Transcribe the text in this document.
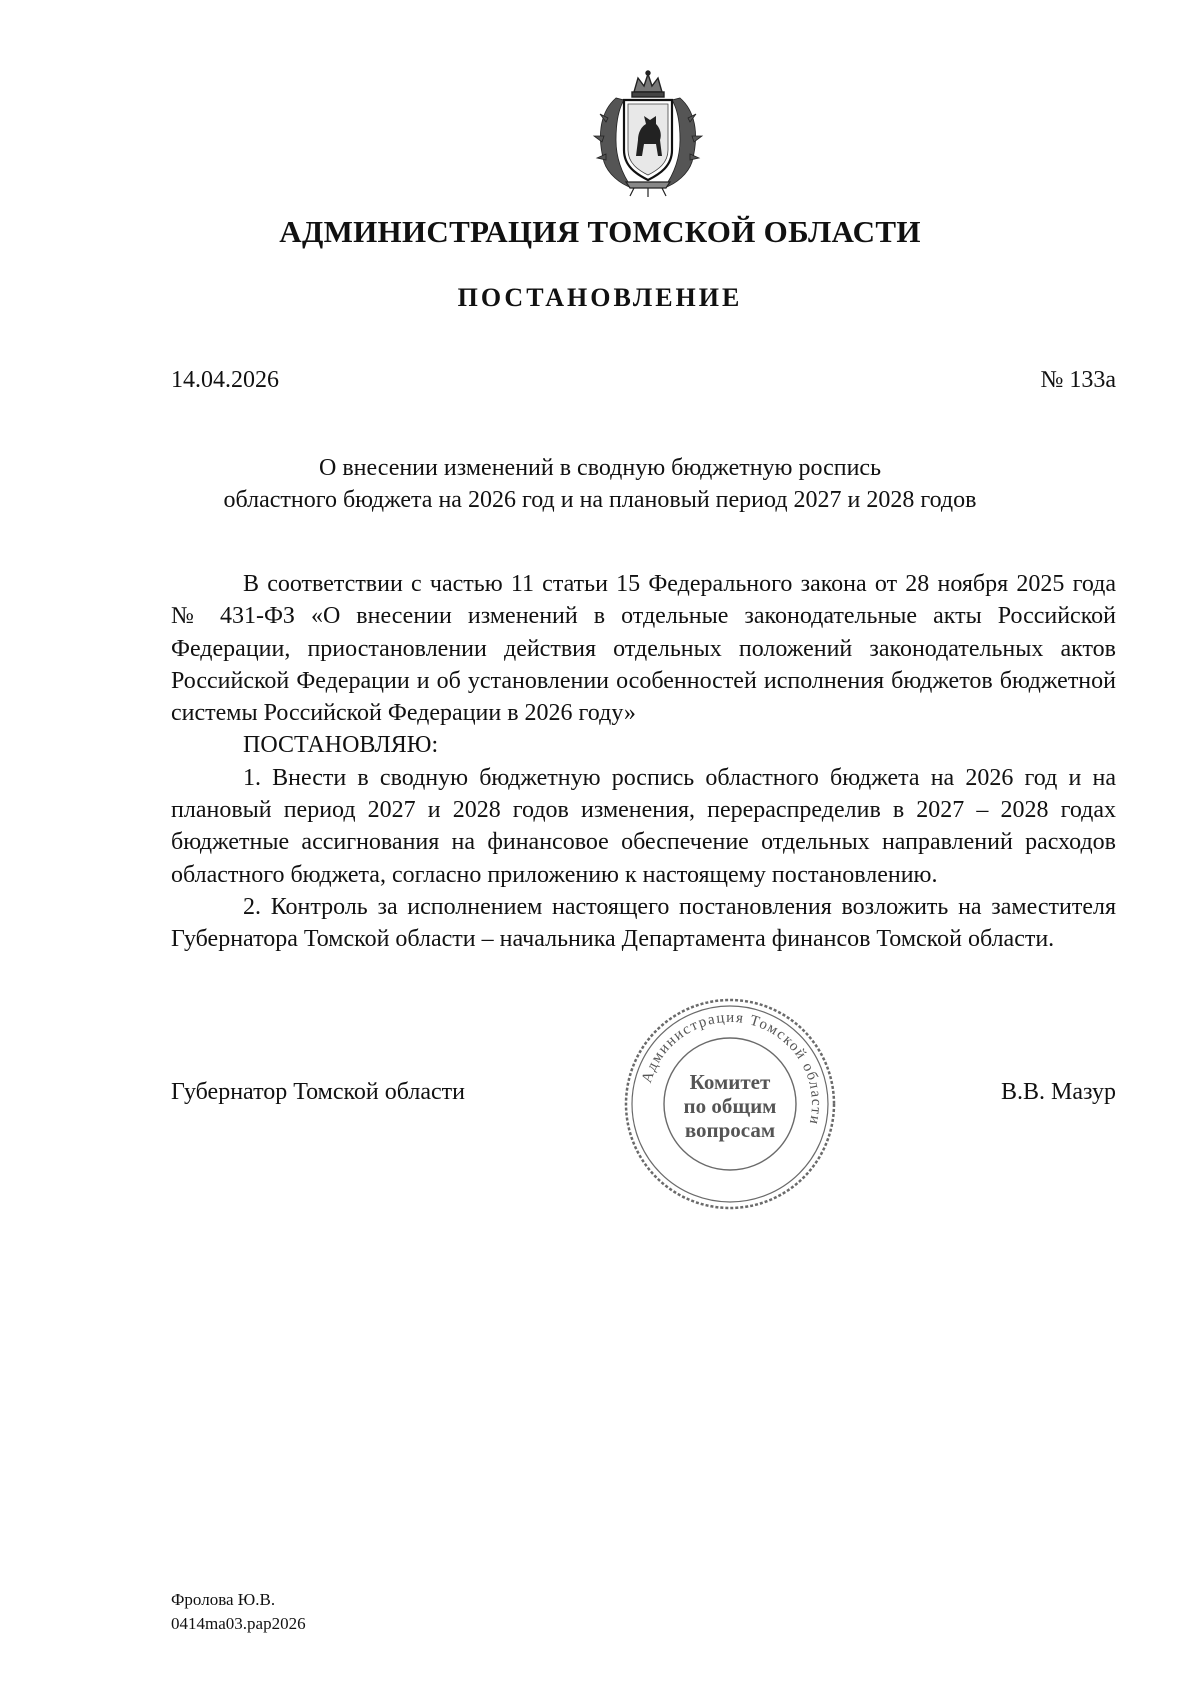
АДМИНИСТРАЦИЯ ТОМСКОЙ ОБЛАСТИ
ПОСТАНОВЛЕНИЕ
14.04.2026	№ 133а
О внесении изменений в сводную бюджетную роспись
областного бюджета на 2026 год и на плановый период 2027 и 2028 годов

В соответствии с частью 11 статьи 15 Федерального закона от 28 ноября 2025 года № 431-ФЗ «О внесении изменений в отдельные законодательные акты Российской Федерации, приостановлении действия отдельных положений законодательных актов Российской Федерации и об установлении особенностей исполнения бюджетов бюджетной системы Российской Федерации в 2026 году»

ПОСТАНОВЛЯЮ:

1. Внести в сводную бюджетную роспись областного бюджета на 2026 год и на плановый период 2027 и 2028 годов изменения, перераспределив в 2027 – 2028 годах бюджетные ассигнования на финансовое обеспечение отдельных направлений расходов областного бюджета, согласно приложению к настоящему постановлению.

2. Контроль за исполнением настоящего постановления возложить на заместителя Губернатора Томской области – начальника Департамента финансов Томской области.

Губернатор Томской области
Администрация Томской области
Комитет
по общим
вопросам
В.В. Мазур
Фролова Ю.В.
0414ma03.pap2026
